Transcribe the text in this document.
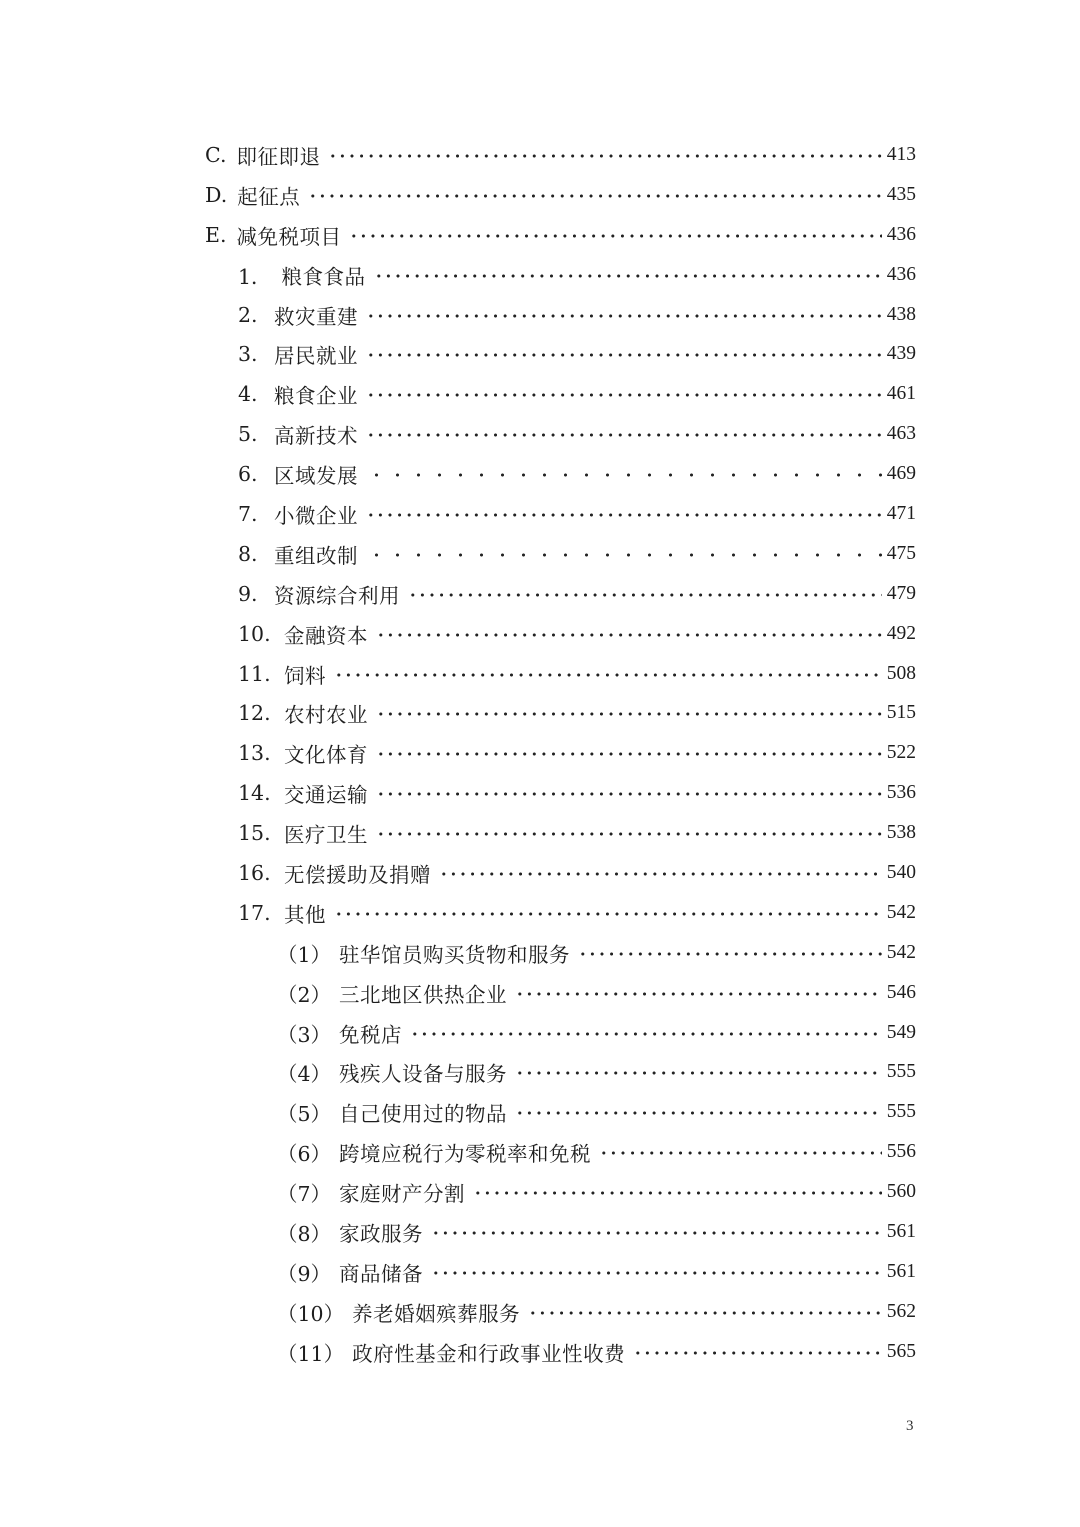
C. 即征即退	413
D. 起征点	435
E. 减免税项目	436
1． 粮食食品	436
2. 救灾重建	438
3. 居民就业	439
4. 粮食企业	461
5. 高新技术	463
6. 区域发展	469
7. 小微企业	471
8. 重组改制	475
9. 资源综合利用	479
10. 金融资本	492
11. 饲料	508
12. 农村农业	515
13. 文化体育	522
14. 交通运输	536
15. 医疗卫生	538
16. 无偿援助及捐赠	540
17. 其他	542
（1） 驻华馆员购买货物和服务	542
（2） 三北地区供热企业	546
（3） 免税店	549
（4） 残疾人设备与服务	555
（5） 自己使用过的物品	555
（6） 跨境应税行为零税率和免税	556
（7） 家庭财产分割	560
（8） 家政服务	561
（9） 商品储备	561
（10） 养老婚姻殡葬服务	562
（11） 政府性基金和行政事业性收费	565
3
